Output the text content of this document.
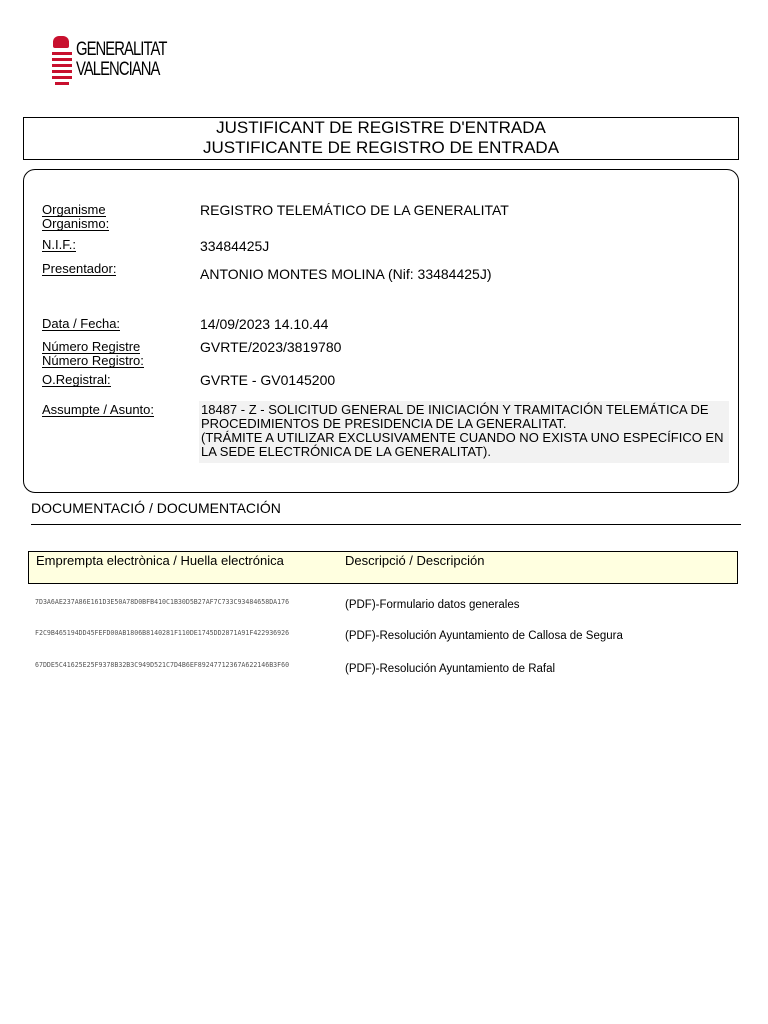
GENERALITAT
VALENCIANA
JUSTIFICANT DE REGISTRE D'ENTRADA
JUSTIFICANTE DE REGISTRO DE ENTRADA
Organisme
Organismo:
REGISTRO TELEMÁTICO DE LA GENERALITAT
N.I.F.:	33484425J
Presentador:	ANTONIO MONTES MOLINA (Nif: 33484425J)
Data / Fecha:	14/09/2023 14.10.44
Número Registre
Número Registro:
GVRTE/2023/3819780
O.Registral:	GVRTE - GV0145200
Assumpte / Asunto:	18487 - Z - SOLICITUD GENERAL DE INICIACIÓN Y TRAMITACIÓN TELEMÁTICA DE
PROCEDIMIENTOS DE PRESIDENCIA DE LA GENERALITAT.
(TRÁMITE A UTILIZAR EXCLUSIVAMENTE CUANDO NO EXISTA UNO ESPECÍFICO EN
LA SEDE ELECTRÓNICA DE LA GENERALITAT).
DOCUMENTACIÓ / DOCUMENTACIÓN
Emprempta electrònica / Huella electrónica	Descripció / Descripción
7D3A6AE237A86E161D3E50A78D0BFB410C1B30D5B27AF7C733C93484658DA176	(PDF)-Formulario datos generales
F2C9B465194DD45FEFD00AB1806B8140281F110DE1745DD2871A91F422936926	(PDF)-Resolución Ayuntamiento de Callosa de Segura
67DDE5C41625E25F9378B32B3C949D521C7D4B6EF89247712367A622146B3F60	(PDF)-Resolución Ayuntamiento de Rafal
